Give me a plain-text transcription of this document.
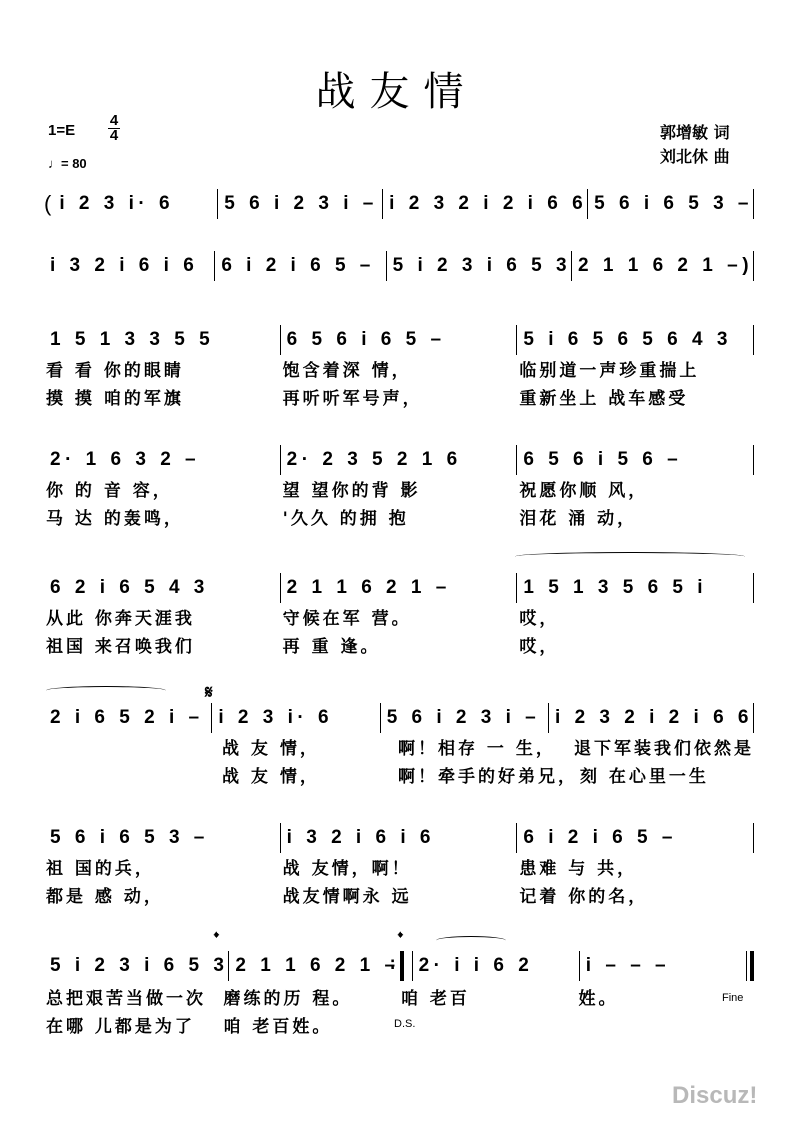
战友情
1=E
4
4
♩= 80
郭增敏 词
刘北休 曲
( i 2 3 i· 6	5 6 i 2 3 i – i 2 3 2 i 2 i 6 6 5 6 i 6 5 3 –
i 3 2 i 6 i 6	6 i 2 i 6 5 – 5 i 2 3 i 6 5 3 2 1 1 6 2 1 –)
1 5 1 3 3 5 5	6 5 6 i 6 5 –	5 i 6 5 6 5 6 4 3
看 看 你的眼睛	饱含着深 情，	临别道一声珍重揣上
摸 摸 咱的军旗	再听听军号声，	重新坐上 战车感受
2· 1 6 3 2 –	2· 2 3 5 2 1 6	6 5 6 i 5 6 –
你 的 音 容，	望 望你的背 影	祝愿你顺 风，
马 达 的轰鸣，	'久久 的拥 抱	泪花 涌 动，
6 2 i 6 5 4 3	2 1 1 6 2 1 –	1 5 1 3 5 6 5 i
从此 你奔天涯我	守候在军 营。	哎，
祖国 来召唤我们	再 重 逢。	哎，
𝄋
2 i 6 5 2 i – i 2 3 i· 6	5 6 i 2 3 i – i 2 3 2 i 2 i 6 6
战 友 情，	啊！相存 一 生，	退下军装我们依然是
战 友 情，	啊！牵手的好弟兄， 刻 在心里一生
5 6 i 6 5 3 –	i 3 2 i 6 i 6	6 i 2 i 6 5 –
祖 国的兵，	战 友情，啊！	患难 与 共，
都是 感 动，	战友情啊永 远	记着 你的名，
𝄌	𝄌
5 i 2 3 i 6 5 3 2 1 1 6 2 1 –
:	2· i i 6 2	i – – –
总把艰苦当做一次	磨练的历 程。	咱 老百	姓。
在哪 儿都是为了	咱 老百姓。
Fine
D.S.
Discuz!
